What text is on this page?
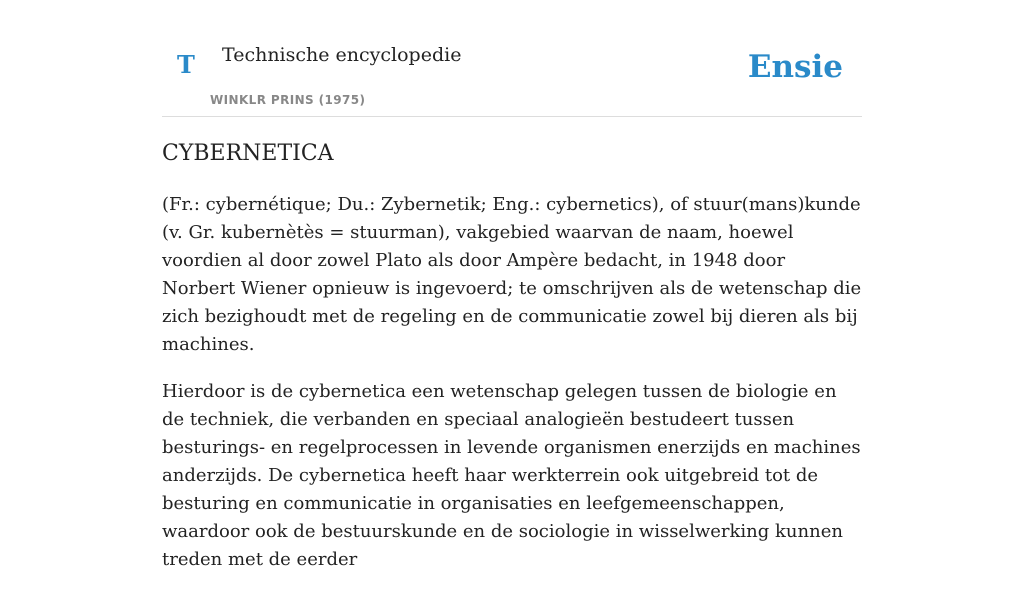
T Technische encyclopedie
WINKLR PRINS (1975)
Ensie
CYBERNETICA

(Fr.: cybernétique; Du.: Zybernetik; Eng.: cybernetics), of stuur(mans)kunde (v. Gr. kubernètès = stuurman), vakgebied waarvan de naam, hoewel voordien al door zowel Plato als door Ampère bedacht, in 1948 door Norbert Wiener opnieuw is ingevoerd; te omschrijven als de wetenschap die zich bezighoudt met de regeling en de communicatie zowel bij dieren als bij machines.

Hierdoor is de cybernetica een wetenschap gelegen tussen de biologie en de techniek, die verbanden en speciaal analogieën bestudeert tussen besturings- en regelprocessen in levende organismen enerzijds en machines anderzijds. De cybernetica heeft haar werkterrein ook uitgebreid tot de besturing en communicatie in organisaties en leefgemeenschappen, waardoor ook de bestuurskunde en de sociologie in wisselwerking kunnen treden met de eerder
